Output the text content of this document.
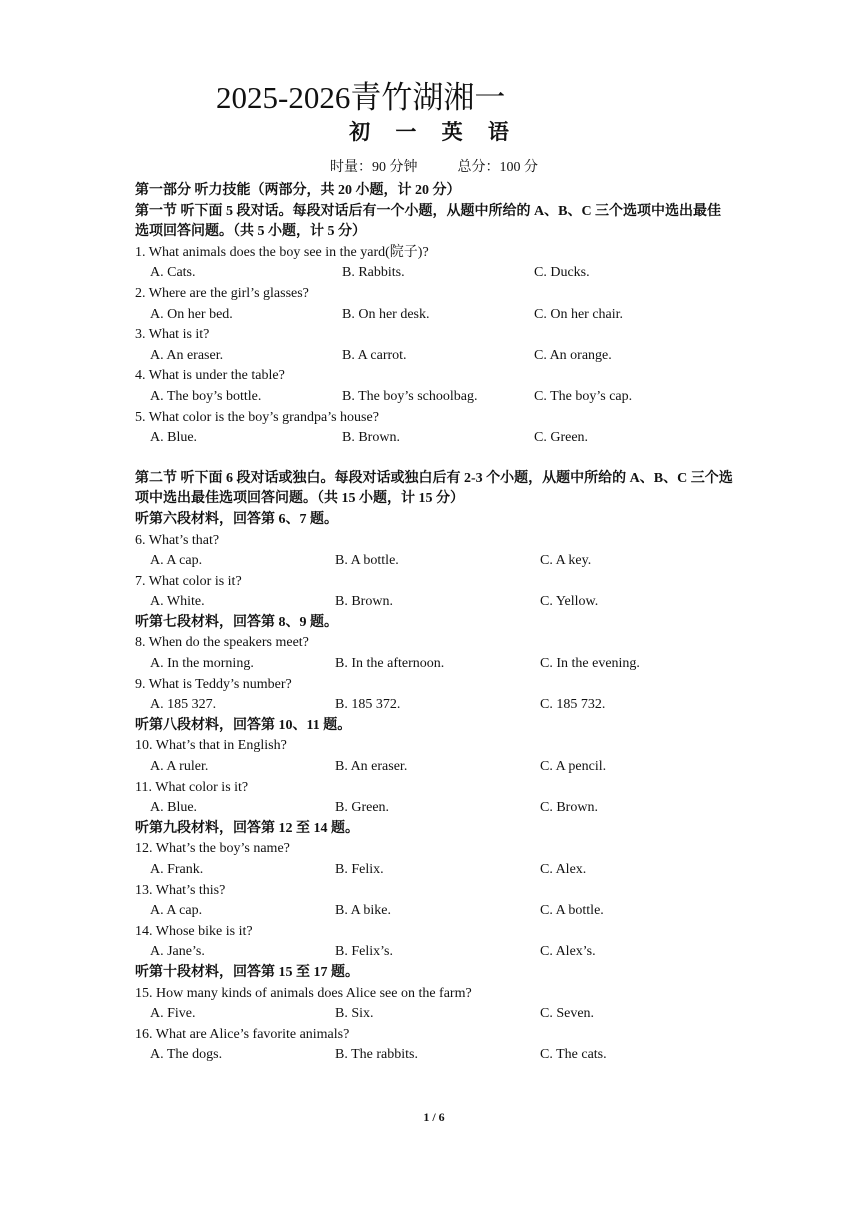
2025-2026青竹湖湘一
初 一 英 语
时量：90 分钟	总分：100 分
第一部分 听力技能（两部分，共 20 小题，计 20 分）
第一节 听下面 5 段对话。每段对话后有一个小题，从题中所给的 A、B、C 三个选项中选出最佳选项回答问题。（共 5 小题，计 5 分）
1. What animals does the boy see in the yard(院子)?
A. Cats.	B. Rabbits.	C. Ducks.
2. Where are the girl’s glasses?
A. On her bed.	B. On her desk.	C. On her chair.
3. What is it?
A. An eraser.	B. A carrot.	C. An orange.
4. What is under the table?
A. The boy’s bottle.	B. The boy’s schoolbag.	C. The boy’s cap.
5. What color is the boy’s grandpa’s house?
A. Blue.	B. Brown.	C. Green.
第二节 听下面 6 段对话或独白。每段对话或独白后有 2-3 个小题，从题中所给的 A、B、C 三个选项中选出最佳选项回答问题。（共 15 小题，计 15 分）
听第六段材料，回答第 6、7 题。
6. What’s that?
A. A cap.	B. A bottle.	C. A key.
7. What color is it?
A. White.	B. Brown.	C. Yellow.
听第七段材料，回答第 8、9 题。
8. When do the speakers meet?
A. In the morning.	B. In the afternoon.	C. In the evening.
9. What is Teddy’s number?
A. 185 327.	B. 185 372.	C. 185 732.
听第八段材料，回答第 10、11 题。
10. What’s that in English?
A. A ruler.	B. An eraser.	C. A pencil.
11. What color is it?
A. Blue.	B. Green.	C. Brown.
听第九段材料，回答第 12 至 14 题。
12. What’s the boy’s name?
A. Frank.	B. Felix.	C. Alex.
13. What’s this?
A. A cap.	B. A bike.	C. A bottle.
14. Whose bike is it?
A. Jane’s.	B. Felix’s.	C. Alex’s.
听第十段材料，回答第 15 至 17 题。
15. How many kinds of animals does Alice see on the farm?
A. Five.	B. Six.	C. Seven.
16. What are Alice’s favorite animals?
A. The dogs.	B. The rabbits.	C. The cats.
1 / 6
